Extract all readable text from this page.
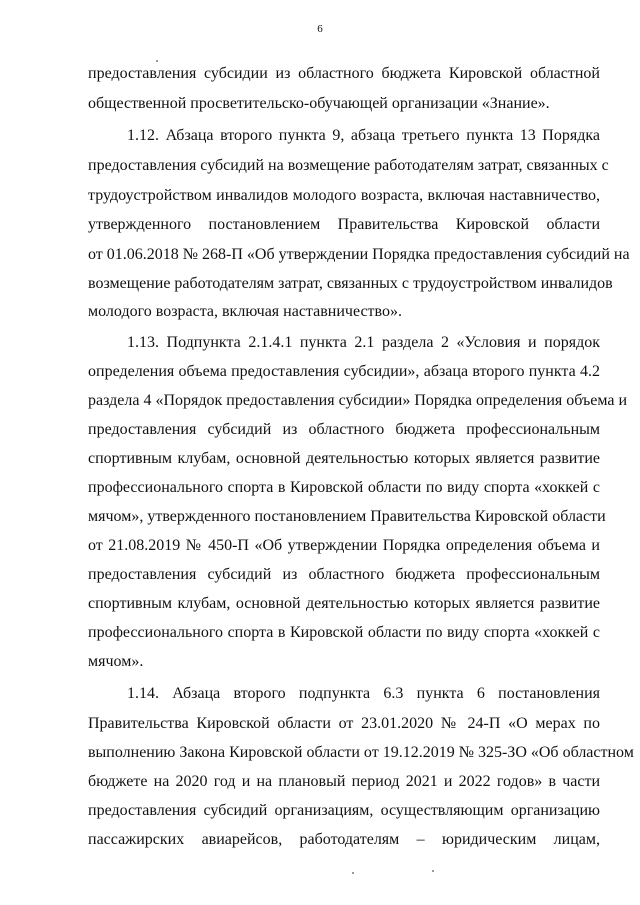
6
предоставления субсидии из областного бюджета Кировской областной
общественной просветительско-обучающей организации «Знание».
1.12. Абзаца второго пункта 9, абзаца третьего пункта 13 Порядка
предоставления субсидий на возмещение работодателям затрат, связанных с
трудоустройством инвалидов молодого возраста, включая наставничество,
утвержденного постановлением Правительства Кировской области
от 01.06.2018 № 268-П «Об утверждении Порядка предоставления субсидий на
возмещение работодателям затрат, связанных с трудоустройством инвалидов
молодого возраста, включая наставничество».
1.13. Подпункта 2.1.4.1 пункта 2.1 раздела 2 «Условия и порядок
определения объема предоставления субсидии», абзаца второго пункта 4.2
раздела 4 «Порядок предоставления субсидии» Порядка определения объема и
предоставления субсидий из областного бюджета профессиональным
спортивным клубам, основной деятельностью которых является развитие
профессионального спорта в Кировской области по виду спорта «хоккей с
мячом», утвержденного постановлением Правительства Кировской области
от 21.08.2019 № 450-П «Об утверждении Порядка определения объема и
предоставления субсидий из областного бюджета профессиональным
спортивным клубам, основной деятельностью которых является развитие
профессионального спорта в Кировской области по виду спорта «хоккей с
мячом».
1.14. Абзаца второго подпункта 6.3 пункта 6 постановления
Правительства Кировской области от 23.01.2020 № 24-П «О мерах по
выполнению Закона Кировской области от 19.12.2019 № 325-ЗО «Об областном
бюджете на 2020 год и на плановый период 2021 и 2022 годов» в части
предоставления субсидий организациям, осуществляющим организацию
пассажирских авиарейсов, работодателям – юридическим лицам,
